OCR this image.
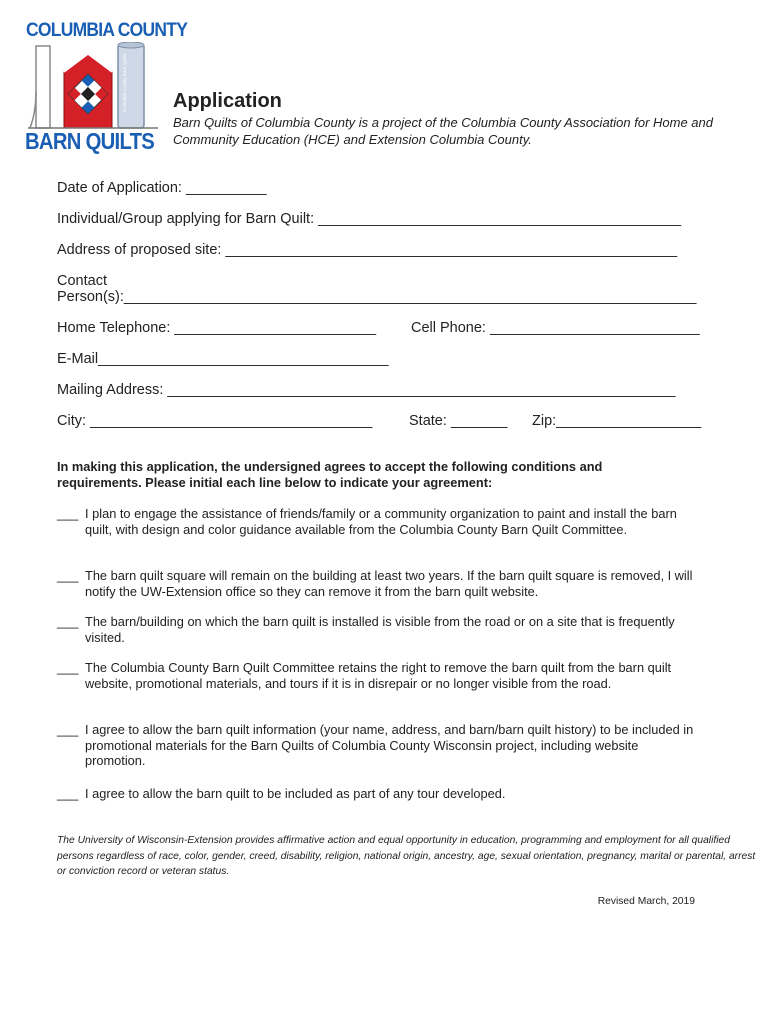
COLUMBIA COUNTY
Columbia County Barn Quilts
BARN QUILTS
Application
Barn Quilts of Columbia County is a project of the Columbia County Association for Home and Community Education (HCE) and Extension Columbia County.
Date of Application: __________
Individual/Group applying for Barn Quilt: _____________________________________________
Address of proposed site: ________________________________________________________
Contact
Person(s):_______________________________________________________________________
Home Telephone: _________________________ Cell Phone: __________________________
E-Mail____________________________________
Mailing Address: _______________________________________________________________
City: ___________________________________	State: _______ Zip:__________________
In making this application, the undersigned agrees to accept the following conditions and requirements. Please initial each line below to indicate your agreement:
___ I plan to engage the assistance of friends/family or a community organization to paint and install the barn quilt, with design and color guidance available from the Columbia County Barn Quilt Committee.
___ The barn quilt square will remain on the building at least two years. If the barn quilt square is removed, I will notify the UW-Extension office so they can remove it from the barn quilt website.
___ The barn/building on which the barn quilt is installed is visible from the road or on a site that is frequently visited.
___ The Columbia County Barn Quilt Committee retains the right to remove the barn quilt from the barn quilt website, promotional materials, and tours if it is in disrepair or no longer visible from the road.
___ I agree to allow the barn quilt information (your name, address, and barn/barn quilt history) to be included in promotional materials for the Barn Quilts of Columbia County Wisconsin project, including website promotion.
___ I agree to allow the barn quilt to be included as part of any tour developed.
The University of Wisconsin-Extension provides affirmative action and equal opportunity in education, programming and employment for all qualified persons regardless of race, color, gender, creed, disability, religion, national origin, ancestry, age, sexual orientation, pregnancy, marital or parental, arrest or conviction record or veteran status.
Revised March, 2019
